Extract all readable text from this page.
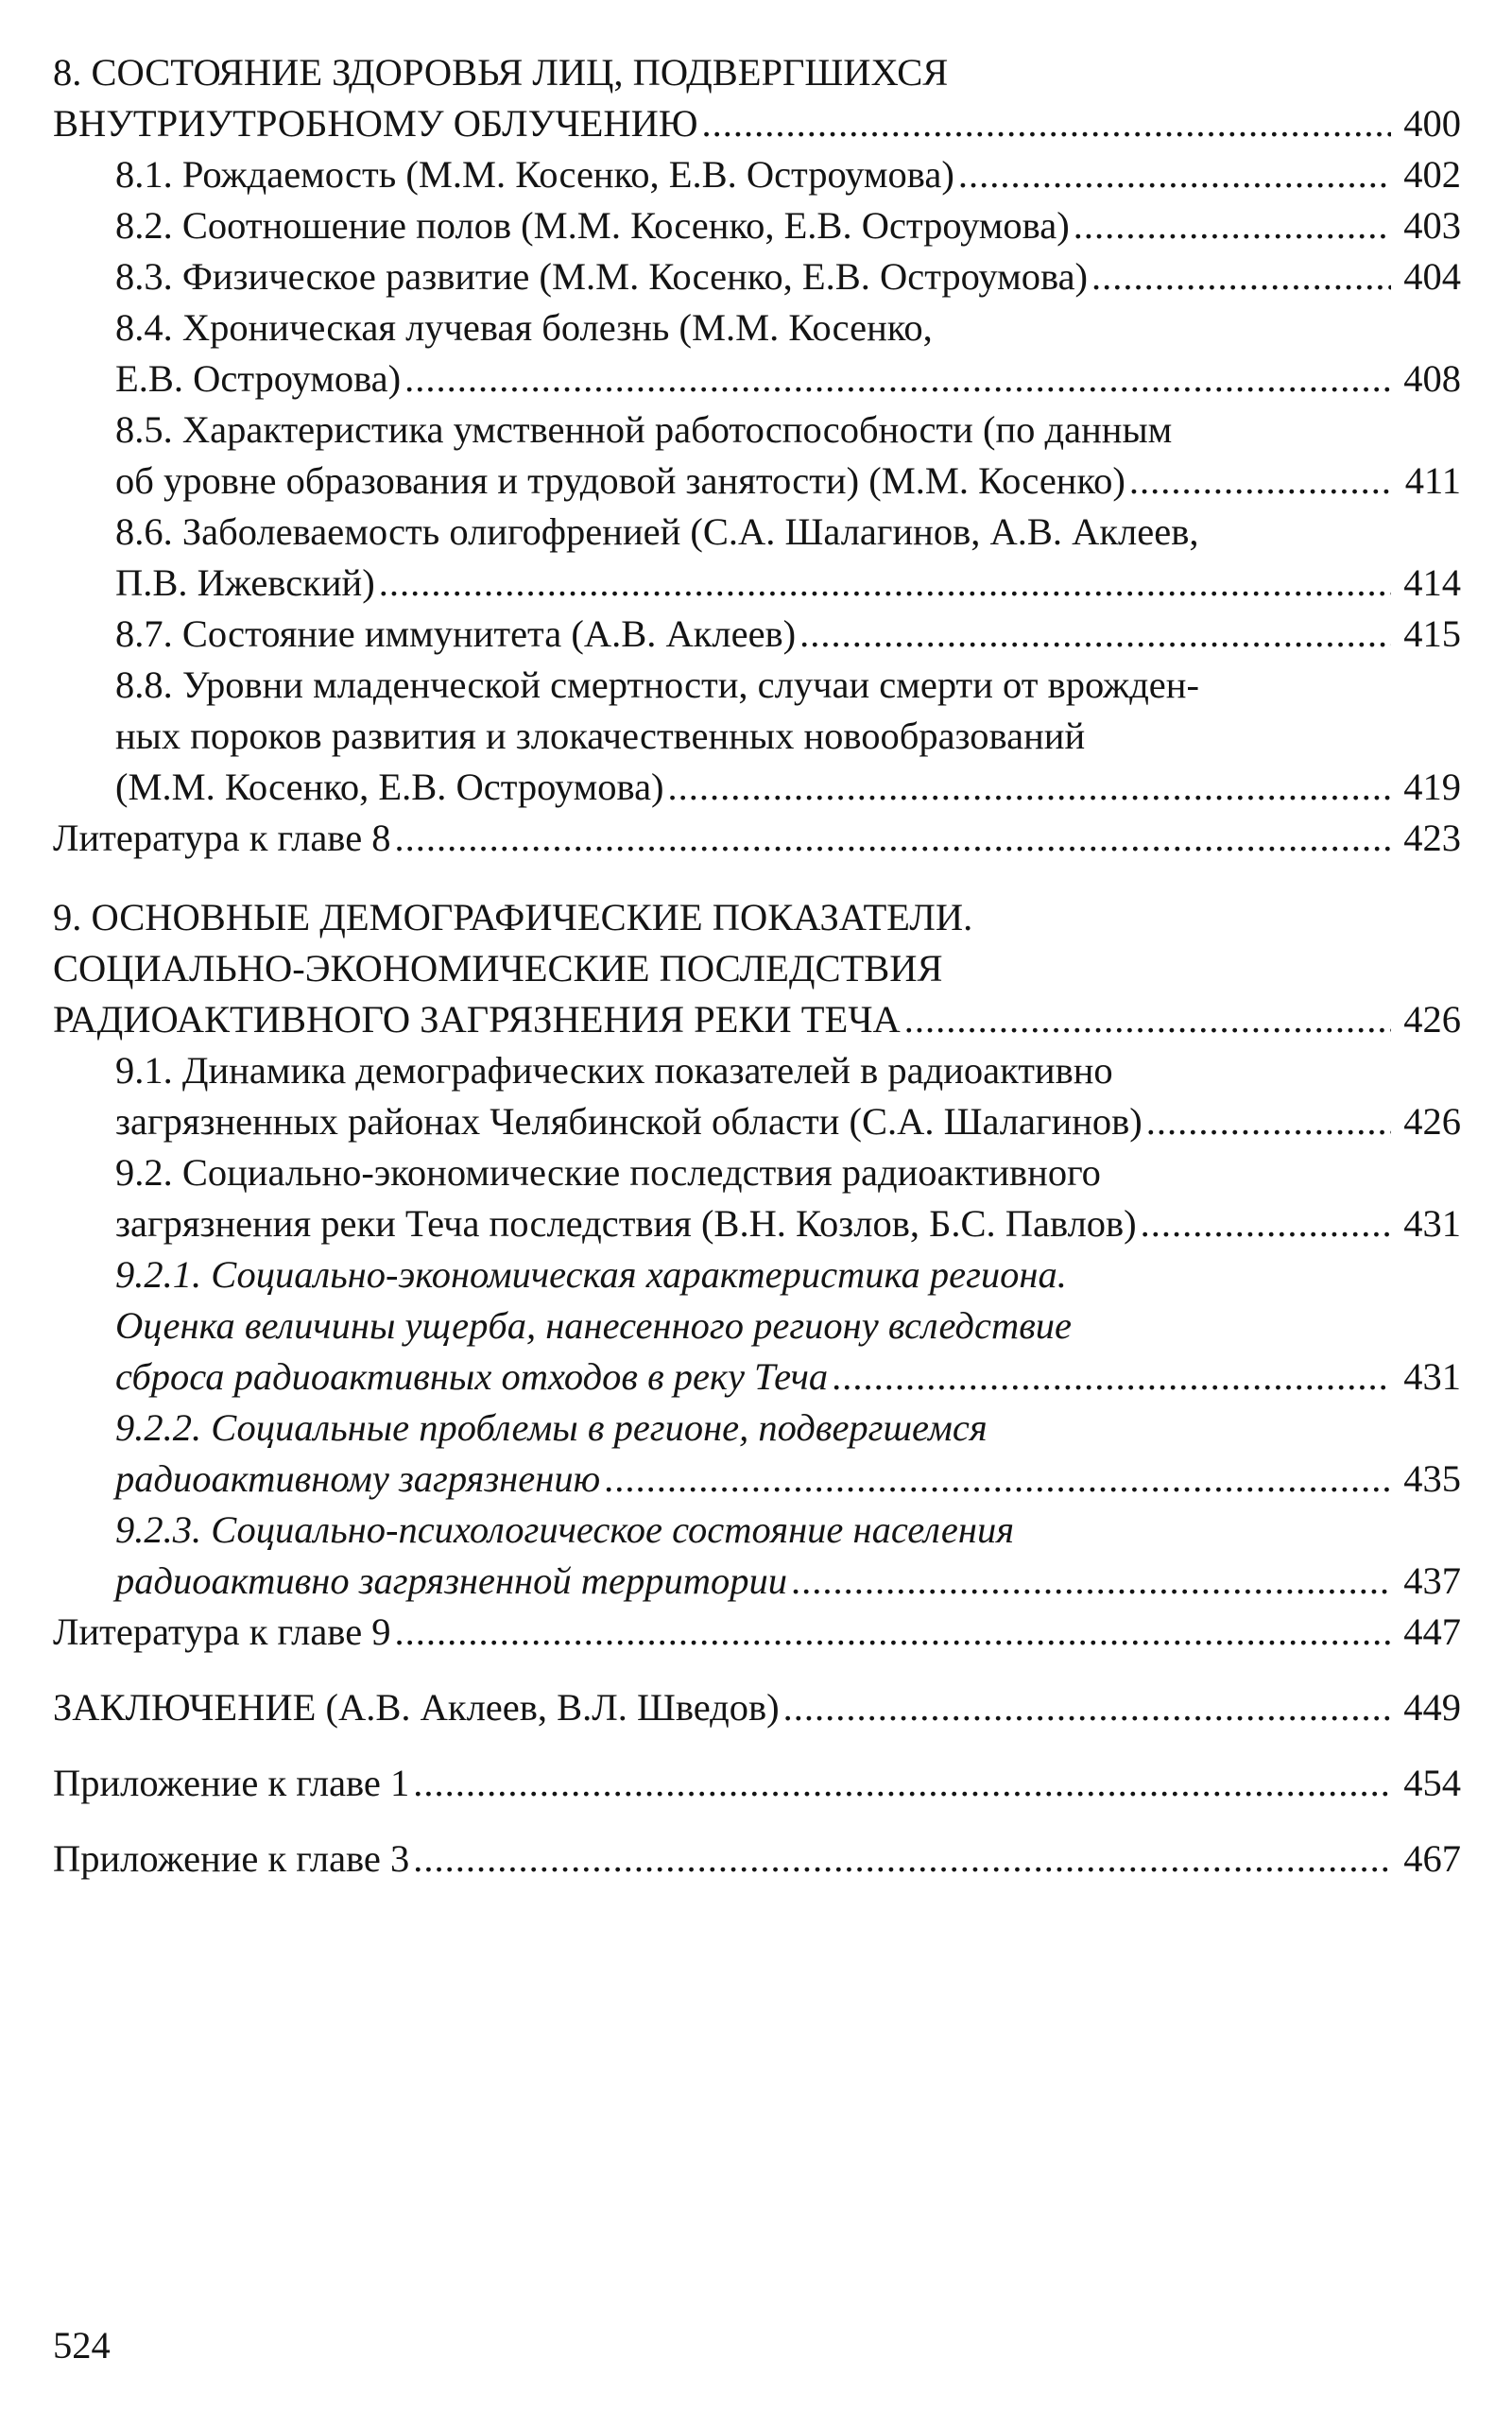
8. СОСТОЯНИЕ ЗДОРОВЬЯ ЛИЦ, ПОДВЕРГШИХСЯ
ВНУТРИУТРОБНОМУ ОБЛУЧЕНИЮ .....	400
8.1. Рождаемость (М.М. Косенко, Е.В. Остроумова) .....	402
8.2. Соотношение полов (М.М. Косенко, Е.В. Остроумова) .....	403
8.3. Физическое развитие (М.М. Косенко, Е.В. Остроумова) .....	404
8.4. Хроническая лучевая болезнь (М.М. Косенко,
Е.В. Остроумова) .....	408
8.5. Характеристика умственной работоспособности (по данным
об уровне образования и трудовой занятости) (М.М. Косенко) .....	411
8.6. Заболеваемость олигофренией (С.А. Шалагинов, А.В. Аклеев,
П.В. Ижевский) .....	414
8.7. Состояние иммунитета (А.В. Аклеев) .....	415
8.8. Уровни младенческой смертности, случаи смерти от врожден-
ных пороков развития и злокачественных новообразований
(М.М. Косенко, Е.В. Остроумова) .....	419
Литература к главе 8 .....	423
9. ОСНОВНЫЕ ДЕМОГРАФИЧЕСКИЕ ПОКАЗАТЕЛИ.
СОЦИАЛЬНО-ЭКОНОМИЧЕСКИЕ ПОСЛЕДСТВИЯ
РАДИОАКТИВНОГО ЗАГРЯЗНЕНИЯ РЕКИ ТЕЧА .....	426
9.1. Динамика демографических показателей в радиоактивно
загрязненных районах Челябинской области (С.А. Шалагинов) .....	426
9.2. Социально-экономические последствия радиоактивного
загрязнения реки Теча последствия (В.Н. Козлов, Б.С. Павлов) .....	431
9.2.1. Социально-экономическая характеристика региона.
Оценка величины ущерба, нанесенного региону вследствие
сброса радиоактивных отходов в реку Теча .....	431
9.2.2. Социальные проблемы в регионе, подвергшемся
радиоактивному загрязнению .....	435
9.2.3. Социально-психологическое состояние населения
радиоактивно загрязненной территории .....	437
Литература к главе 9 .....	447
ЗАКЛЮЧЕНИЕ (А.В. Аклеев, В.Л. Шведов) .....	449
Приложение к главе 1 .....	454
Приложение к главе 3 .....	467
524
